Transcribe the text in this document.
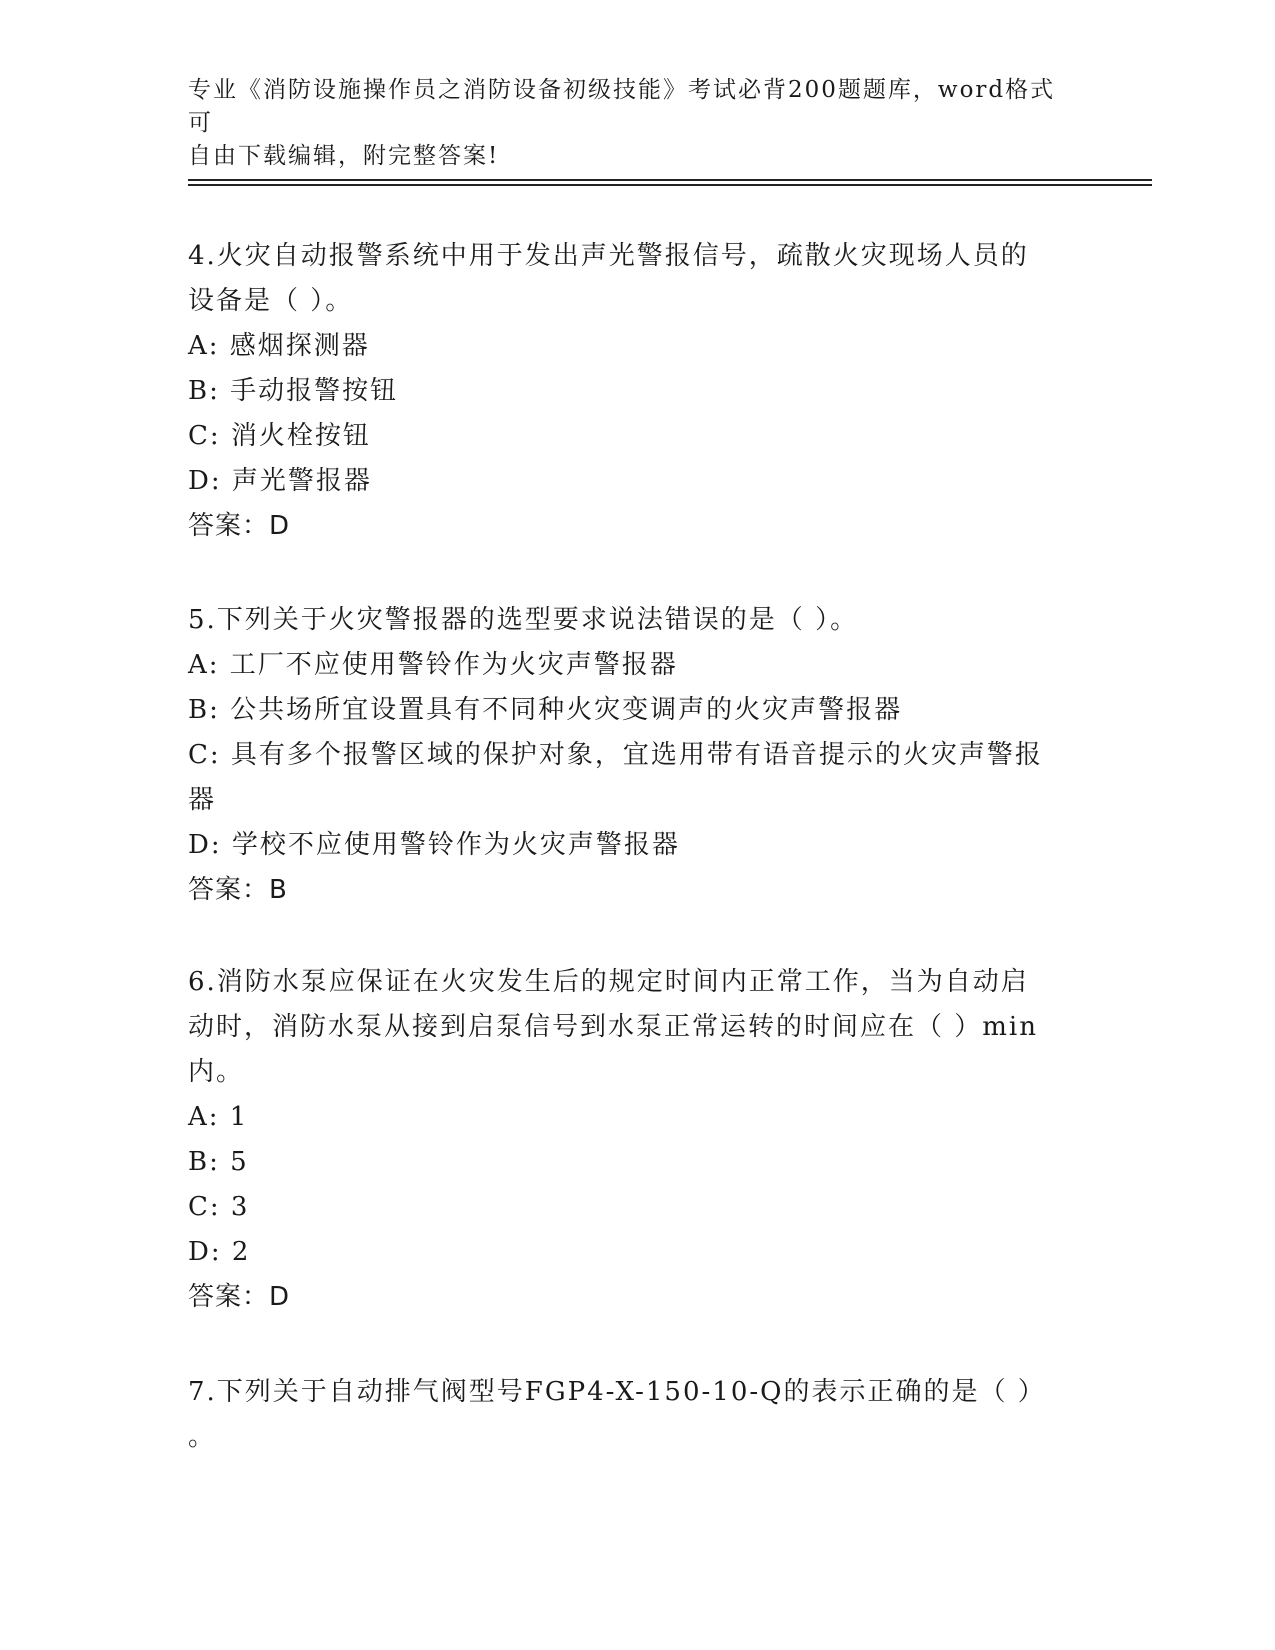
专业《消防设施操作员之消防设备初级技能》考试必背200题题库，word格式可
自由下载编辑，附完整答案!
4.火灾自动报警系统中用于发出声光警报信号，疏散火灾现场人员的
设备是（ ）。
A: 感烟探测器
B: 手动报警按钮
C: 消火栓按钮
D: 声光警报器
答案：D
5.下列关于火灾警报器的选型要求说法错误的是（ ）。
A: 工厂不应使用警铃作为火灾声警报器
B: 公共场所宜设置具有不同种火灾变调声的火灾声警报器
C: 具有多个报警区域的保护对象，宜选用带有语音提示的火灾声警报
器
D: 学校不应使用警铃作为火灾声警报器
答案：B
6.消防水泵应保证在火灾发生后的规定时间内正常工作，当为自动启
动时，消防水泵从接到启泵信号到水泵正常运转的时间应在（ ）min
内。
A: 1
B: 5
C: 3
D: 2
答案：D
7.下列关于自动排气阀型号FGP4-X-150-10-Q的表示正确的是（ ）
。
